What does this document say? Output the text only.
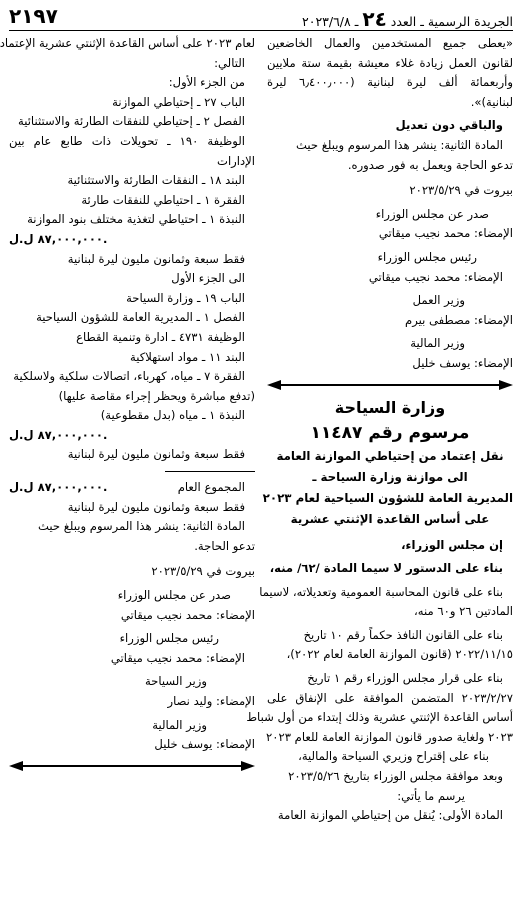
٢١٩٧	الجريدة الرسمية ـ العدد ٢٤ ـ ٢٠٢٣/٦/٨
«يعطى جميع المستخدمين والعمال الخاضعين
لقانون العمل زيادة غلاء معيشة بقيمة ستة ملايين
وأربعمائة ألف ليرة لبنانية (٦٫٤٠٠٫٠٠٠ ليرة
لبنانية)».
والباقي دون تعديل
المادة الثانية: ينشر هذا المرسوم ويبلغ حيث
تدعو الحاجة ويعمل به فور صدوره.
بيروت في ٢٠٢٣/٥/٢٩
صدر عن مجلس الوزراء
الإمضاء: محمد نجيب ميقاتي
رئيس مجلس الوزراء
الإمضاء: محمد نجيب ميقاتي
وزير العمل
الإمضاء: مصطفى بيرم
وزير المالية
الإمضاء: يوسف خليل
وزارة السياحة
مرسوم رقم ١١٤٨٧
نقل إعتماد من إحتياطي الموازنة العامة
الى موازنة وزارة السياحة ـ
المديرية العامة للشؤون السياحية لعام ٢٠٢٣
على أساس القاعدة الإثنتي عشرية
إن مجلس الوزراء،
بناء على الدستور لا سيما المادة /٦٢/ منه،
بناء على قانون المحاسبة العمومية وتعديلاته، لاسيما
المادتين ٢٦ و٦٠ منه،
بناء على القانون النافذ حكماً رقم ١٠ تاريخ
٢٠٢٢/١١/١٥ (قانون الموازنة العامة لعام ٢٠٢٢)،
بناء على قرار مجلس الوزراء رقم ١ تاريخ
٢٠٢٣/٢/٢٧ المتضمن الموافقة على الإنفاق على
أساس القاعدة الإثنتي عشرية وذلك إبتداء من أول شباط
٢٠٢٣ ولغاية صدور قانون الموازنة العامة للعام ٢٠٢٣
بناء على إقتراح وزيري السياحة والمالية،
وبعد موافقة مجلس الوزراء بتاريخ ٢٠٢٣/٥/٢٦
يرسم ما يأتي:
المادة الأولى: يُنقل من إحتياطي الموازنة العامة
لعام ٢٠٢٣ على أساس القاعدة الإثنتي عشرية الإعتماد
التالي:
من الجزء الأول:
الباب ٢٧ ـ إحتياطي الموازنة
الفصل ٢ ـ إحتياطي للنفقات الطارئة والاستثنائية
الوظيفة ١٩٠ ـ تحويلات ذات طابع عام بين
الإدارات
البند ١٨ ـ النفقات الطارئة والاستثنائية
الفقرة ١ ـ احتياطي للنفقات طارئة
النبذة ١ ـ احتياطي لتغذية مختلف بنود الموازنة
٨٧,٠٠٠,٠٠٠ ل.ل.
فقط سبعة وثمانون مليون ليرة لبنانية
الى الجزء الأول
الباب ١٩ ـ وزارة السياحة
الفصل ١ ـ المديرية العامة للشؤون السياحية
الوظيفة ٤٧٣١ ـ ادارة وتنمية القطاع
البند ١١ ـ مواد استهلاكية
الفقرة ٧ ـ مياه، كهرباء، اتصالات سلكية ولاسلكية
(تدفع مباشرة ويحظر إجراء مقاصة عليها)
النبذة ١ ـ مياه (بدل مقطوعية)
٨٧,٠٠٠,٠٠٠ ل.ل.
فقط سبعة وثمانون مليون ليرة لبنانية
المجموع العام
٨٧,٠٠٠,٠٠٠ ل.ل.
فقط سبعة وثمانون مليون ليرة لبنانية
المادة الثانية: ينشر هذا المرسوم ويبلغ حيث
تدعو الحاجة.
بيروت في ٢٠٢٣/٥/٢٩
صدر عن مجلس الوزراء
الإمضاء: محمد نجيب ميقاتي
رئيس مجلس الوزراء
الإمضاء: محمد نجيب ميقاتي
وزير السياحة
الإمضاء: وليد نصار
وزير المالية
الإمضاء: يوسف خليل
